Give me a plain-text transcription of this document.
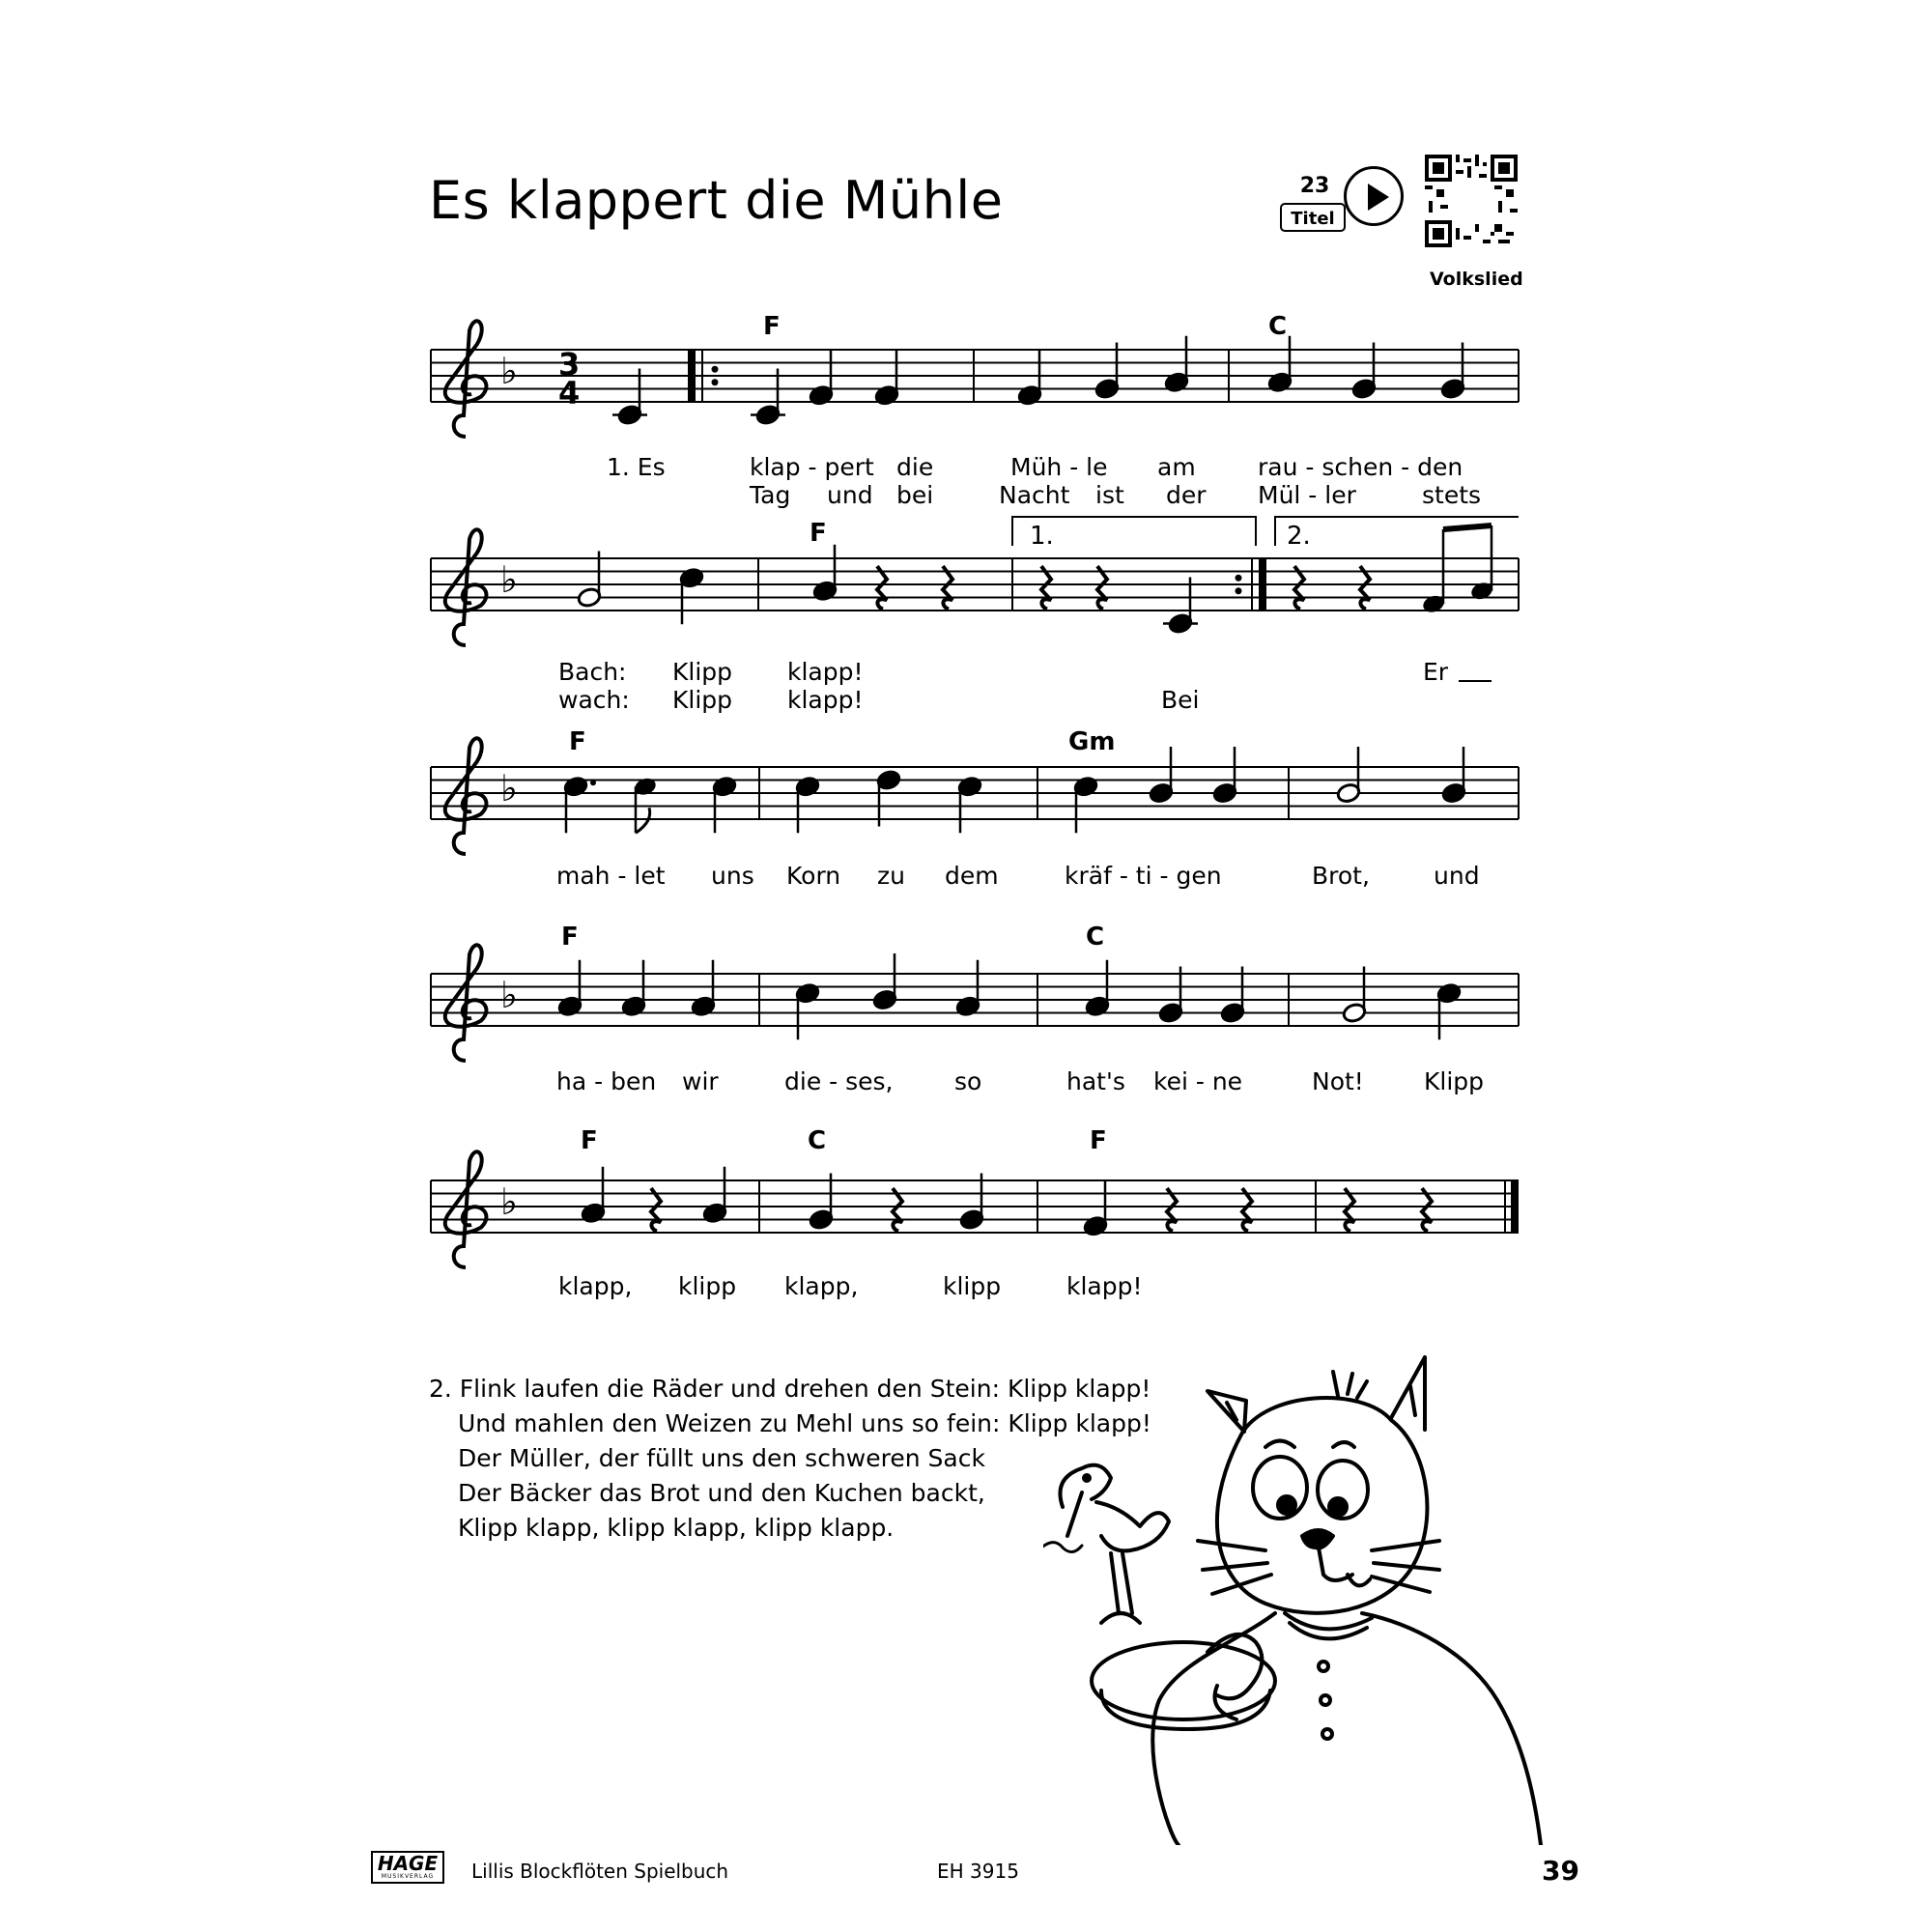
Es klappert die Mühle	23
Titel
Volkslied
♭
♭
♭
♭
♭
3
4
F	C
F
F	Gm
F	C
F	C	F
1.	2.
1. Es	klap - pert die	Müh - le am	rau - schen - den
Tag und bei	Nacht ist der Mül - ler	stets
Bach: Klipp klapp!	Er
wach: Klipp klapp!	Bei
mah - let uns Korn zu dem	kräf - ti - gen	Brot,	und
ha - ben wir	die - ses,	so	hat's kei - ne	Not! Klipp
klapp, klipp klapp,	klipp	klapp!
2. Flink laufen die Räder und drehen den Stein: Klipp klapp!
Und mahlen den Weizen zu Mehl uns so fein: Klipp klapp!
Der Müller, der füllt uns den schweren Sack
Der Bäcker das Brot und den Kuchen backt,
Klipp klapp, klipp klapp, klipp klapp.
HAGE
MUSIKVERLAG	Lillis Blockflöten Spielbuch	EH 3915	39
